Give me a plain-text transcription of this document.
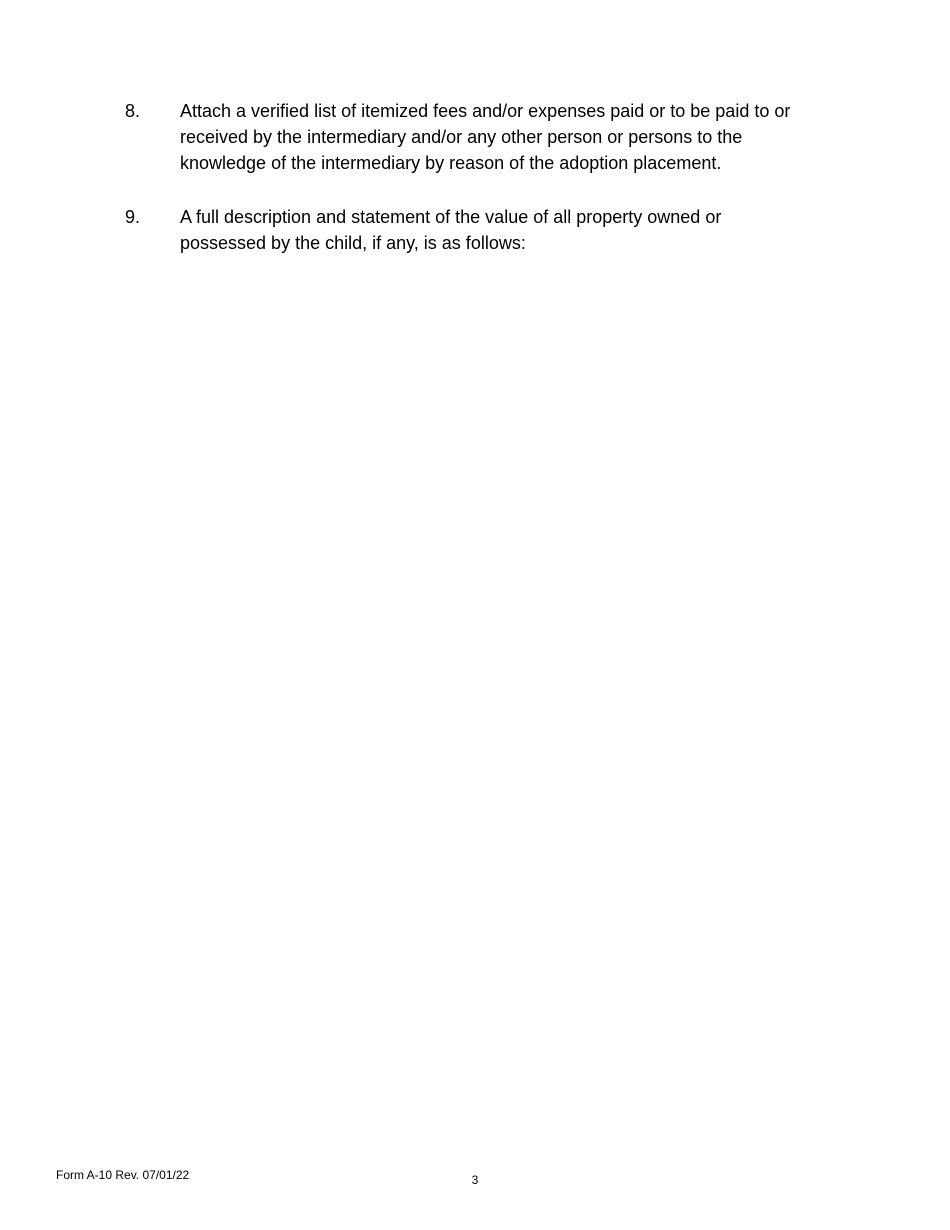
8.	Attach a verified list of itemized fees and/or expenses paid or to be paid to or
received by the intermediary and/or any other person or persons to the
knowledge of the intermediary by reason of the adoption placement.
9.	A full description and statement of the value of all property owned or
possessed by the child, if any, is as follows:
Form A-10 Rev. 07/01/22	3
